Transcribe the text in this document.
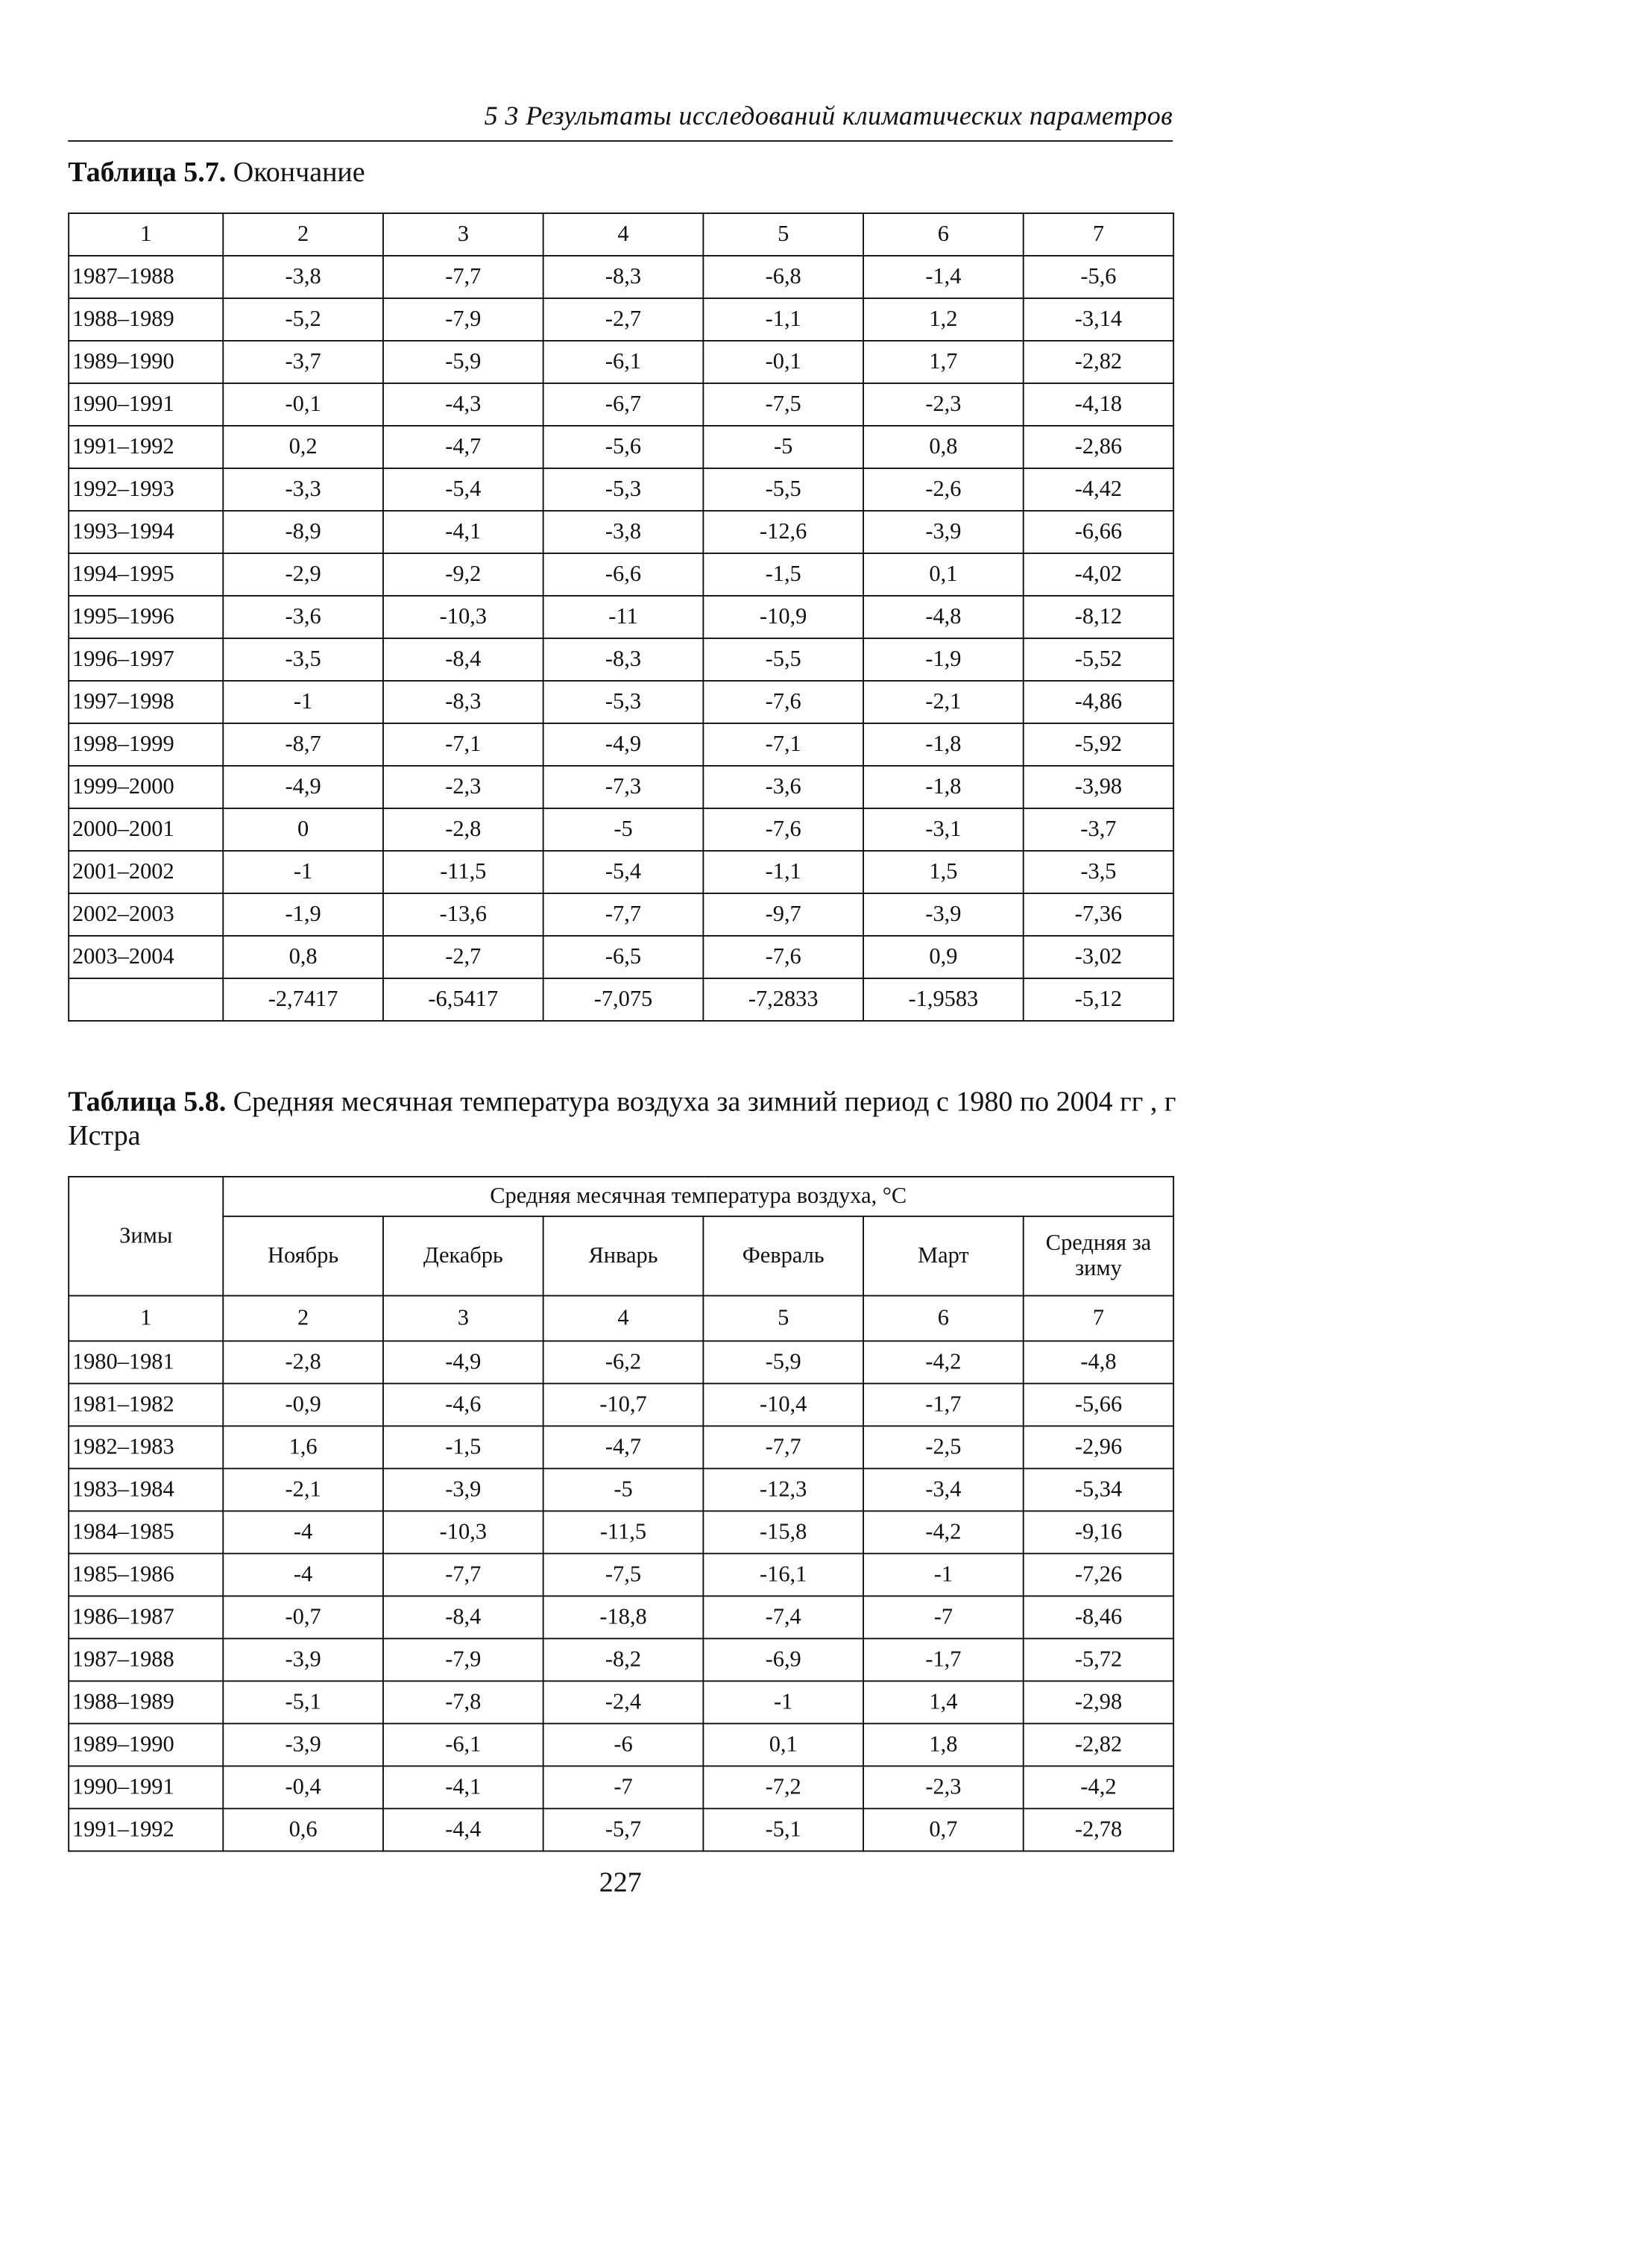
5 3 Результаты исследований климатических параметров
Таблица 5.7. Окончание
1	2	3	4	5	6	7
1987–1988	-3,8	-7,7	-8,3	-6,8	-1,4	-5,6
1988–1989	-5,2	-7,9	-2,7	-1,1	1,2	-3,14
1989–1990	-3,7	-5,9	-6,1	-0,1	1,7	-2,82
1990–1991	-0,1	-4,3	-6,7	-7,5	-2,3	-4,18
1991–1992	0,2	-4,7	-5,6	-5	0,8	-2,86
1992–1993	-3,3	-5,4	-5,3	-5,5	-2,6	-4,42
1993–1994	-8,9	-4,1	-3,8	-12,6	-3,9	-6,66
1994–1995	-2,9	-9,2	-6,6	-1,5	0,1	-4,02
1995–1996	-3,6	-10,3	-11	-10,9	-4,8	-8,12
1996–1997	-3,5	-8,4	-8,3	-5,5	-1,9	-5,52
1997–1998	-1	-8,3	-5,3	-7,6	-2,1	-4,86
1998–1999	-8,7	-7,1	-4,9	-7,1	-1,8	-5,92
1999–2000	-4,9	-2,3	-7,3	-3,6	-1,8	-3,98
2000–2001	0	-2,8	-5	-7,6	-3,1	-3,7
2001–2002	-1	-11,5	-5,4	-1,1	1,5	-3,5
2002–2003	-1,9	-13,6	-7,7	-9,7	-3,9	-7,36
2003–2004	0,8	-2,7	-6,5	-7,6	0,9	-3,02
	-2,7417	-6,5417	-7,075	-7,2833	-1,9583	-5,12
Таблица 5.8. Средняя месячная температура воздуха за зимний период с 1980 по 2004 гг , г Истра
Зимы	Средняя месячная температура воздуха, °С					
	Ноябрь	Декабрь	Январь	Февраль	Март	Средняя за зиму
1	2	3	4	5	6	7
1980–1981	-2,8	-4,9	-6,2	-5,9	-4,2	-4,8
1981–1982	-0,9	-4,6	-10,7	-10,4	-1,7	-5,66
1982–1983	1,6	-1,5	-4,7	-7,7	-2,5	-2,96
1983–1984	-2,1	-3,9	-5	-12,3	-3,4	-5,34
1984–1985	-4	-10,3	-11,5	-15,8	-4,2	-9,16
1985–1986	-4	-7,7	-7,5	-16,1	-1	-7,26
1986–1987	-0,7	-8,4	-18,8	-7,4	-7	-8,46
1987–1988	-3,9	-7,9	-8,2	-6,9	-1,7	-5,72
1988–1989	-5,1	-7,8	-2,4	-1	1,4	-2,98
1989–1990	-3,9	-6,1	-6	0,1	1,8	-2,82
1990–1991	-0,4	-4,1	-7	-7,2	-2,3	-4,2
1991–1992	0,6	-4,4	-5,7	-5,1	0,7	-2,78
227
